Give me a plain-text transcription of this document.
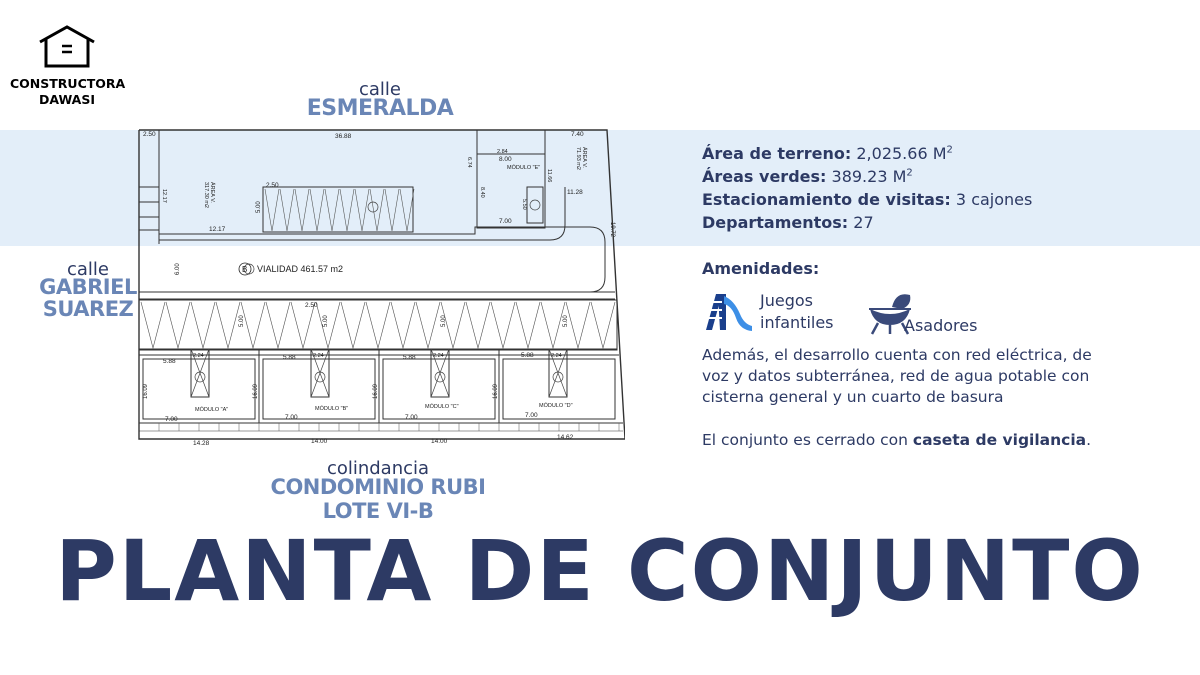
CONSTRUCTORA
DAWASI	calle
ESMERALDA
calle
GABRIEL
SUAREZ
colindancia
CONDOMINIO RUBI LOTE VI-B
36.88
2.50	7.40
8.00
7.00
12.17
11.28
2.50
2.50
5.88
5.88	5.88	5.88
7.00	7.00	7.00	7.00
14.28	14.00	14.00
14.62
MÓDULO "A"	MÓDULO "B"	MÓDULO "C"	MÓDULO "D"
MÓDULO "E"
2.24	2.24	2.24	2.24
2.84
5.00
5.00	5.00	5.00	5.00
6.00
16.09	16.09	16.09	16.09
19.72
ÁREA V.
317.30 m2
ÁREA V.
71.93 m2
12.17
6.74
8.40
11.66
5.50
B VIALIDAD 461.57 m2
Área de terreno: 2,025.66 $M^2$
Áreas verdes: 389.23 $M^2$
Estacionamiento de visitas: 3 cajones
Departamentos: 27
Amenidades:
Juegos
infantiles	Asadores
Además, el desarrollo cuenta con red eléctrica, de voz y datos subterránea, red de agua potable con cisterna general y un cuarto de basura
El conjunto es cerrado con caseta de vigilancia.
PLANTA DE CONJUNTO
